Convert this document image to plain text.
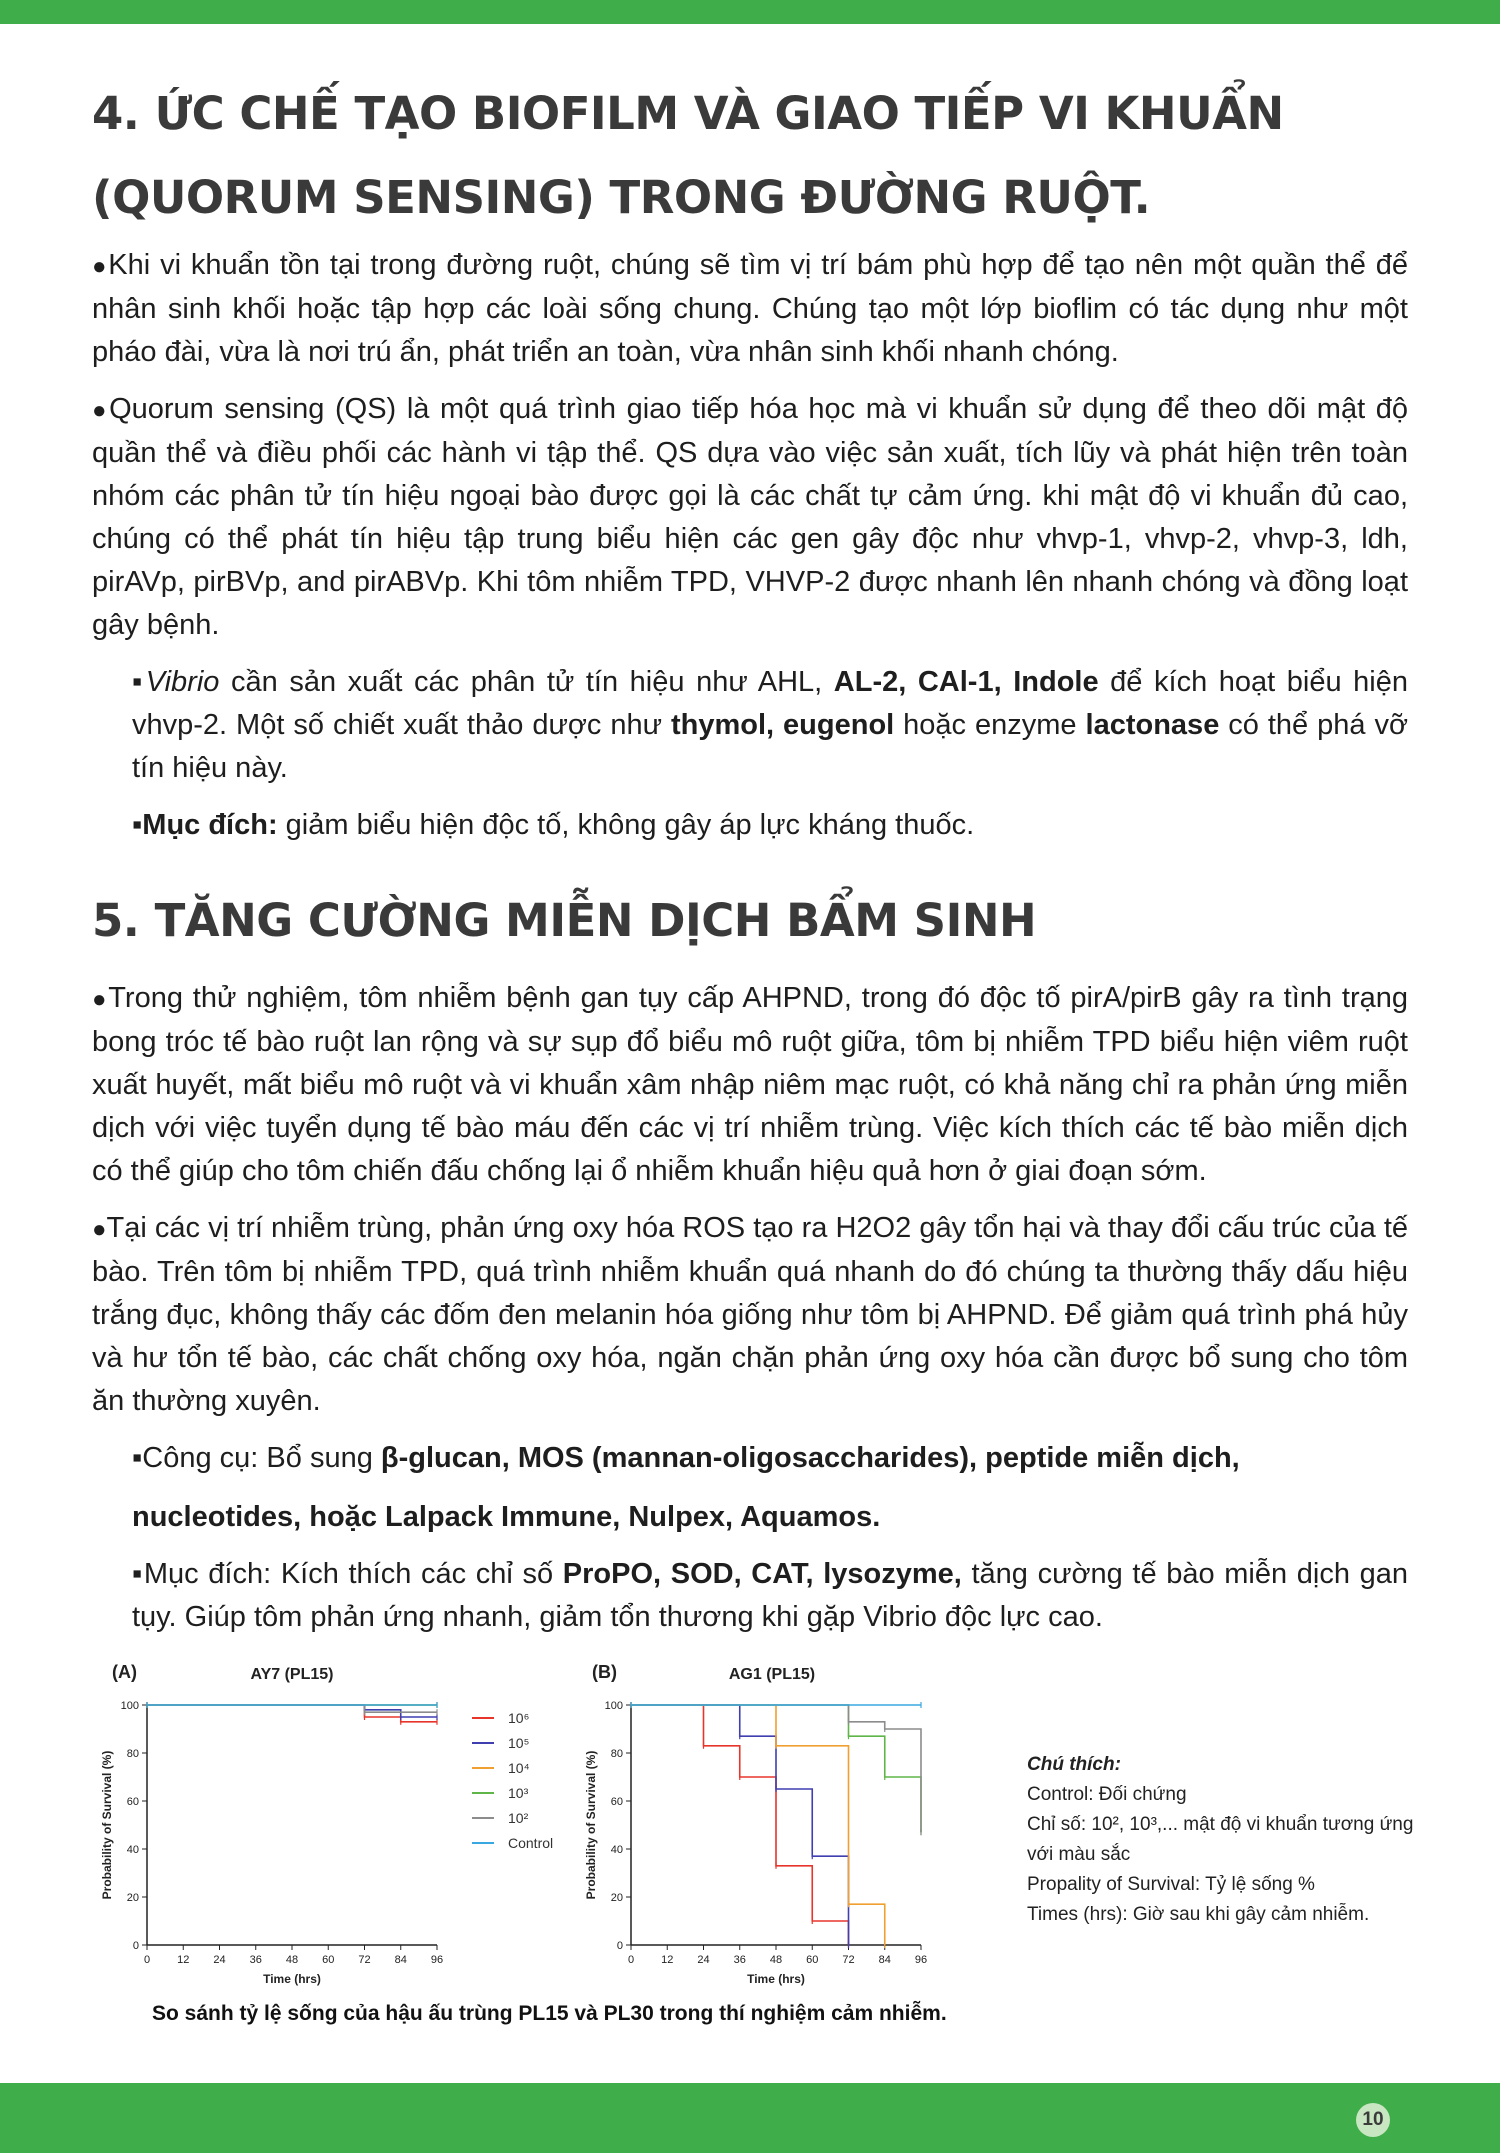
4. ỨC CHẾ TẠO BIOFILM VÀ GIAO TIẾP VI KHUẨN
(QUORUM SENSING) TRONG ĐƯỜNG RUỘT.

●Khi vi khuẩn tồn tại trong đường ruột, chúng sẽ tìm vị trí bám phù hợp để tạo nên một quần thể để nhân sinh khối hoặc tập hợp các loài sống chung. Chúng tạo một lớp bioflim có tác dụng như một pháo đài, vừa là nơi trú ẩn, phát triển an toàn, vừa nhân sinh khối nhanh chóng.

●Quorum sensing (QS) là một quá trình giao tiếp hóa học mà vi khuẩn sử dụng để theo dõi mật độ quần thể và điều phối các hành vi tập thể. QS dựa vào việc sản xuất, tích lũy và phát hiện trên toàn nhóm các phân tử tín hiệu ngoại bào được gọi là các chất tự cảm ứng. khi mật độ vi khuẩn đủ cao, chúng có thể phát tín hiệu tập trung biểu hiện các gen gây độc như vhvp-1, vhvp-2, vhvp-3, ldh, pirAVp, pirBVp, and pirABVp. Khi tôm nhiễm TPD, VHVP-2 được nhanh lên nhanh chóng và đồng loạt gây bệnh.

▪Vibrio cần sản xuất các phân tử tín hiệu như AHL, AL-2, CAl-1, Indole để kích hoạt biểu hiện vhvp-2. Một số chiết xuất thảo dược như thymol, eugenol hoặc enzyme lactonase có thể phá vỡ tín hiệu này.

▪Mục đích: giảm biểu hiện độc tố, không gây áp lực kháng thuốc.

5. TĂNG CƯỜNG MIỄN DỊCH BẨM SINH

●Trong thử nghiệm, tôm nhiễm bệnh gan tụy cấp AHPND, trong đó độc tố pirA/pirB gây ra tình trạng bong tróc tế bào ruột lan rộng và sự sụp đổ biểu mô ruột giữa, tôm bị nhiễm TPD biểu hiện viêm ruột xuất huyết, mất biểu mô ruột và vi khuẩn xâm nhập niêm mạc ruột, có khả năng chỉ ra phản ứng miễn dịch với việc tuyển dụng tế bào máu đến các vị trí nhiễm trùng. Việc kích thích các tế bào miễn dịch có thể giúp cho tôm chiến đấu chống lại ổ nhiễm khuẩn hiệu quả hơn ở giai đoạn sớm.

●Tại các vị trí nhiễm trùng, phản ứng oxy hóa ROS tạo ra H2O2 gây tổn hại và thay đổi cấu trúc của tế bào. Trên tôm bị nhiễm TPD, quá trình nhiễm khuẩn quá nhanh do đó chúng ta thường thấy dấu hiệu trắng đục, không thấy các đốm đen melanin hóa giống như tôm bị AHPND. Để giảm quá trình phá hủy và hư tổn tế bào, các chất chống oxy hóa, ngăn chặn phản ứng oxy hóa cần được bổ sung cho tôm ăn thường xuyên.

▪Công cụ: Bổ sung β-glucan, MOS (mannan-oligosaccharides), peptide miễn dịch,
nucleotides, hoặc Lalpack Immune, Nulpex, Aquamos.

▪Mục đích: Kích thích các chỉ số ProPO, SOD, CAT, lysozyme, tăng cường tế bào miễn dịch gan tụy. Giúp tôm phản ứng nhanh, giảm tổn thương khi gặp Vibrio độc lực cao.

(A)	AY7 (PL15)
0
20
40
60
80
100
0 12 24 36 48 60 72 84 96
Time (hrs)
Probability of Survival (%)
10⁶
10⁵
10⁴
10³
10²
Control
(B)	AG1 (PL15)
0
20
40
60
80
100
0 12 24 36 48 60 72 84 96
Time (hrs)
Probability of Survival (%)	Chú thích:
Control: Đối chứng
Chỉ số: 10², 10³,... mật độ vi khuẩn tương ứng với màu sắc
Propality of Survival: Tỷ lệ sống %
Times (hrs): Giờ sau khi gây cảm nhiễm.
So sánh tỷ lệ sống của hậu ấu trùng PL15 và PL30 trong thí nghiệm cảm nhiễm.
10
